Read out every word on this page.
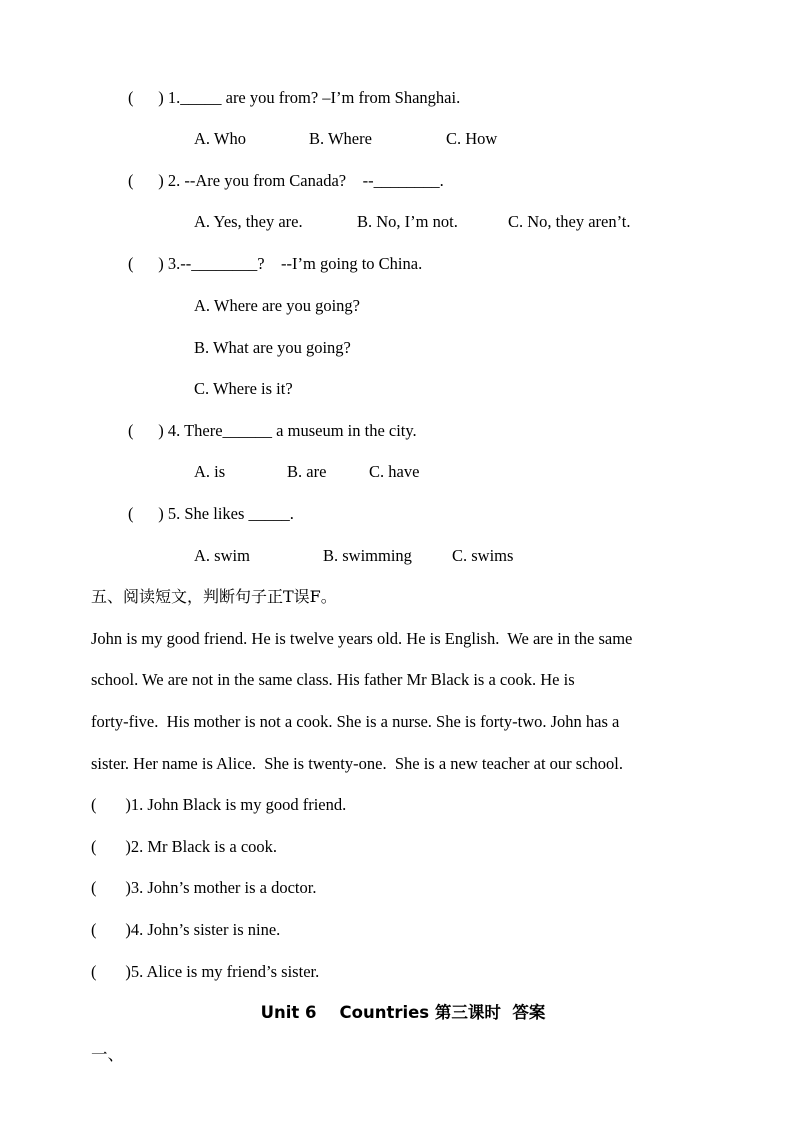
(      ) 1._____ are you from? –I’m from Shanghai.
A. Who	B. Where	C. How
(      ) 2. --Are you from Canada?    --________.
A. Yes, they are.	B. No, I’m not.	C. No, they aren’t.
(      ) 3.--________?    --I’m going to China.
A. Where are you going?
B. What are you going?
C. Where is it?
(      ) 4. There______ a museum in the city.
A. is	B. are	C. have
(      ) 5. She likes _____.
A. swim	B. swimming C. swims
五、阅读短文，判断句子正T误F。
John is my good friend. He is twelve years old. He is English.  We are in the same
school. We are not in the same class. His father Mr Black is a cook. He is
forty-five.  His mother is not a cook. She is a nurse. She is forty-two. John has a
sister. Her name is Alice.  She is twenty-one.  She is a new teacher at our school.
(       )1. John Black is my good friend.
(       )2. Mr Black is a cook.
(       )3. John’s mother is a doctor.
(       )4. John’s sister is nine.
(       )5. Alice is my friend’s sister.
Unit 6    Countries 第三课时  答案
一、
